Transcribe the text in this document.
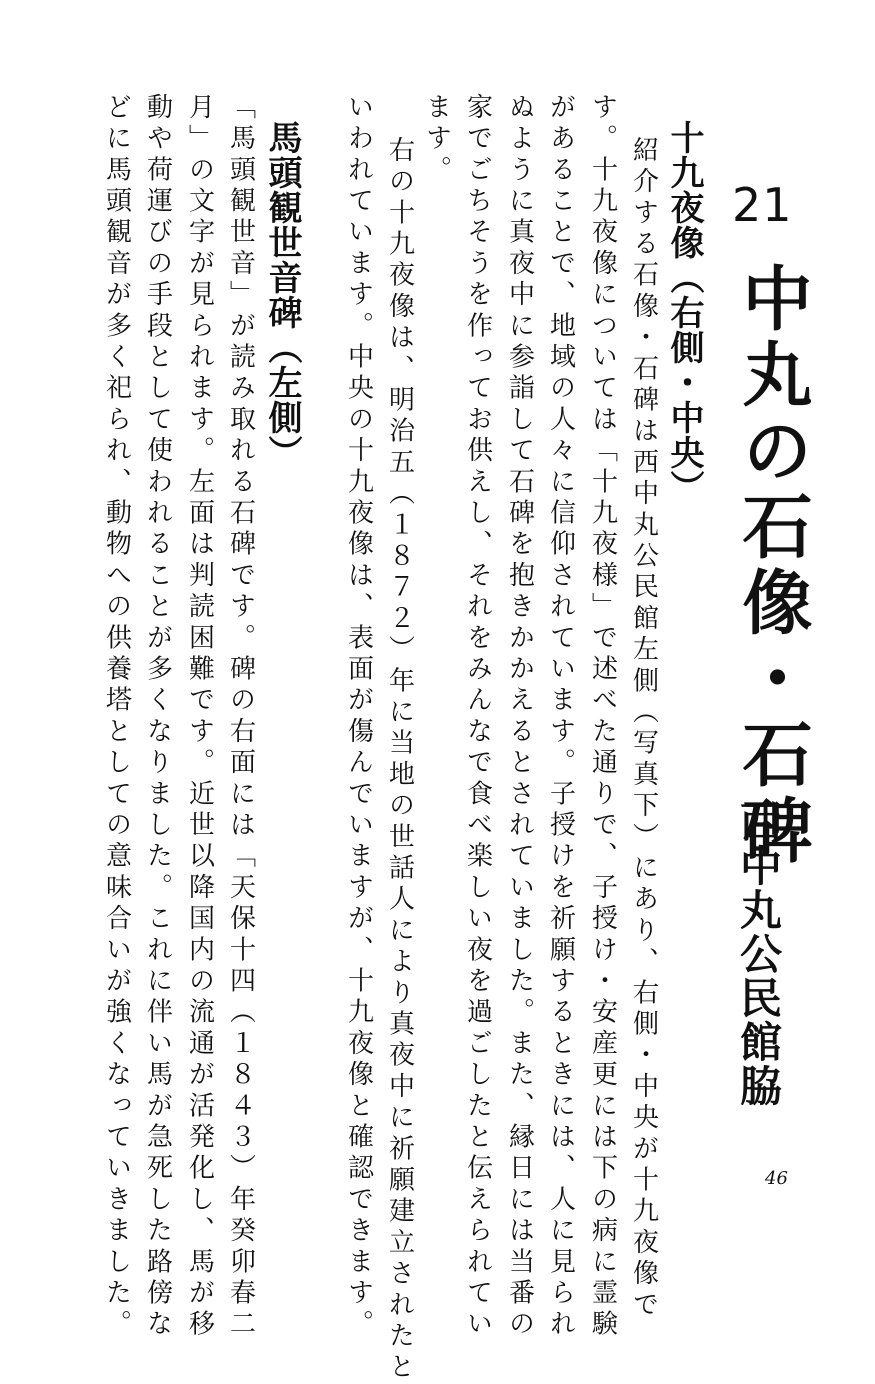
21
中丸の石像・石碑
西中丸公民館脇
十九夜像（右側・中央）
紹介する石像・石碑は西中丸公民館左側（写真下）にあり、右側・中央が十九夜像で
す。十九夜像については「十九夜様」で述べた通りで、子授け・安産更には下の病に霊験
があることで、地域の人々に信仰されています。子授けを祈願するときには、人に見られ
ぬように真夜中に参詣して石碑を抱きかかえるとされていました。また、縁日には当番の
家でごちそうを作ってお供えし、それをみんなで食べ楽しい夜を過ごしたと伝えられてい
ます。
右の十九夜像は、明治五（１８７２）年に当地の世話人により真夜中に祈願建立されたと
いわれています。中央の十九夜像は、表面が傷んでいますが、十九夜像と確認できます。
馬頭観世音碑（左側）
「馬頭観世音」が読み取れる石碑です。碑の右面には「天保十四（１８４３）年癸卯春二
月」の文字が見られます。左面は判読困難です。近世以降国内の流通が活発化し、馬が移
動や荷運びの手段として使われることが多くなりました。これに伴い馬が急死した路傍な
どに馬頭観音が多く祀られ、動物への供養塔としての意味合いが強くなっていきました。	46
